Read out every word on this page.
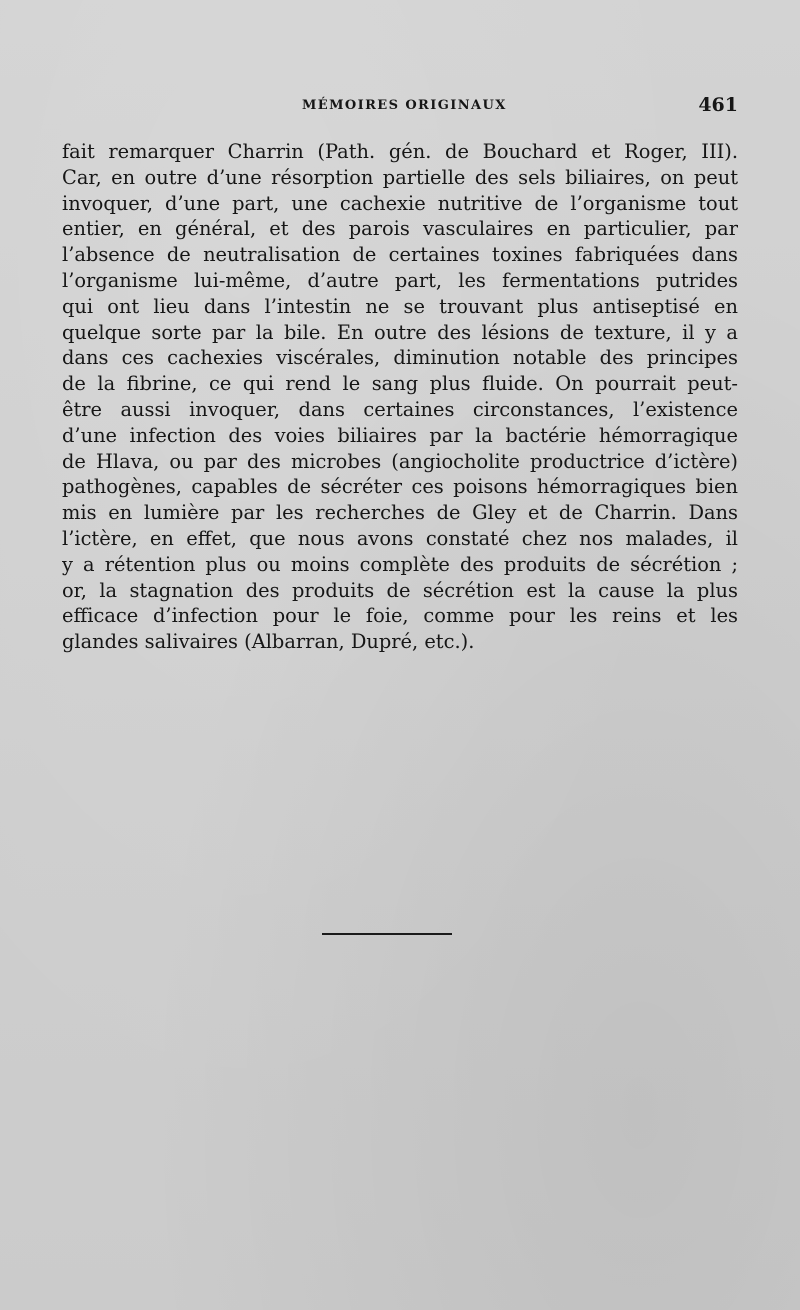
MÉMOIRES ORIGINAUX	461
fait remarquer Charrin (Path. gén. de Bouchard et Roger, III).
Car, en outre d’une résorption partielle des sels biliaires, on peut
invoquer, d’une part, une cachexie nutritive de l’organisme tout
entier, en général, et des parois vasculaires en particulier, par
l’absence de neutralisation de certaines toxines fabriquées dans
l’organisme lui-même, d’autre part, les fermentations putrides
qui ont lieu dans l’intestin ne se trouvant plus antiseptisé en
quelque sorte par la bile. En outre des lésions de texture, il y a
dans ces cachexies viscérales, diminution notable des principes
de la fibrine, ce qui rend le sang plus fluide. On pourrait peut-
être aussi invoquer, dans certaines circonstances, l’existence
d’une infection des voies biliaires par la bactérie hémorragique
de Hlava, ou par des microbes (angiocholite productrice d’ictère)
pathogènes, capables de sécréter ces poisons hémorragiques bien
mis en lumière par les recherches de Gley et de Charrin. Dans
l’ictère, en effet, que nous avons constaté chez nos malades, il
y a rétention plus ou moins complète des produits de sécrétion ;
or, la stagnation des produits de sécrétion est la cause la plus
efficace d’infection pour le foie, comme pour les reins et les
glandes salivaires (Albarran, Dupré, etc.).
